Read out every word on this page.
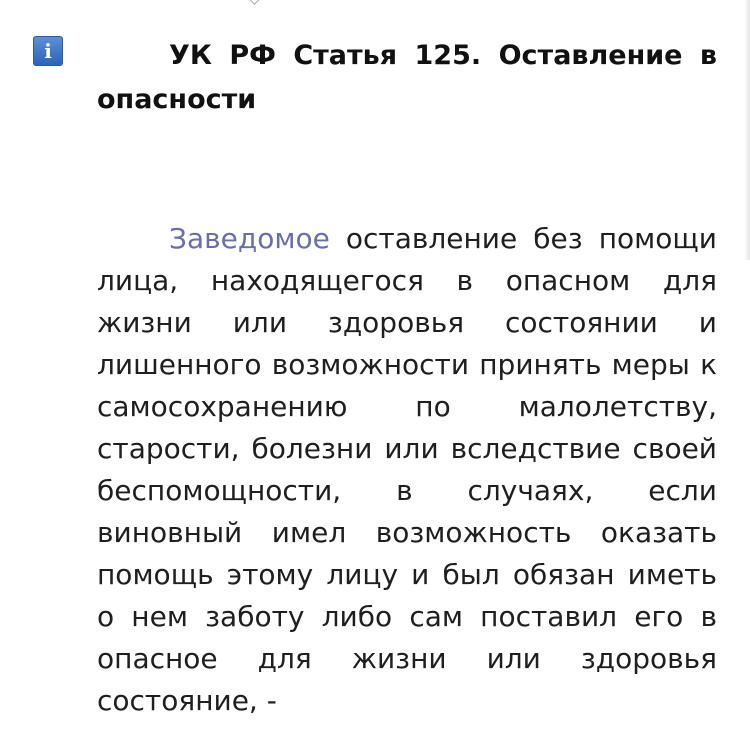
i	УК РФ Статья 125. Оставление в опасности

Заведомое оставление без помощи лица, находящегося в опасном для жизни или здоровья состоянии и лишенного возможности принять меры к самосохранению по малолетству, старости, болезни или вследствие своей беспомощности, в случаях, если виновный имел возможность оказать помощь этому лицу и был обязан иметь о нем заботу либо сам поставил его в опасное для жизни или здоровья состояние, -
